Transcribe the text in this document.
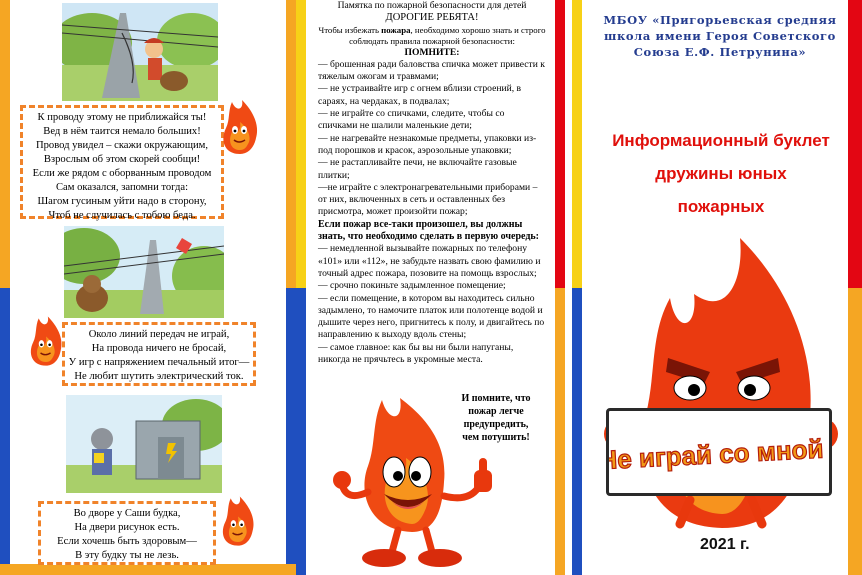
К проводу этому не приближайся ты!
Вед в нём таится немало больших!
Провод увидел – скажи окружающим,
Взрослым об этом скорей сообщи!
Если же рядом с оборванным проводом
Сам оказался, запомни тогда:
Шагом гусиным уйти надо в сторону,
Чтоб не случилась с тобою беда.
Около линий передач не играй,
На провода ничего не бросай,
У игр с напряжением печальный итог—
Не любит шутить электрический ток.
Во дворе у Саши будка,
На двери рисунок есть.
Если хочешь быть здоровым—
В эту будку ты не лезь.

Памятка по пожарной безопасности для детей

ДОРОГИЕ РЕБЯТА!

Чтобы избежать пожара, необходимо хорошо знать и строго соблюдать правила пожарной безопасности:

ПОМНИТЕ:

— брошенная ради баловства спичка может привести к тяжелым ожогам и травмами;

— не устраивайте игр с огнем вблизи строений, в сараях, на чердаках, в подвалах;

— не играйте со спичками, следите, чтобы со спичками не шалили маленькие дети;

— не нагревайте незнакомые предметы, упаковки из-под порошков и красок, аэрозольные упаковки;

— не растапливайте печи, не включайте газовые плитки;

—не играйте с электронагревательными приборами – от них, включенных в сеть и оставленных без присмотра, может произойти пожар;

Если пожар все-таки произошел, вы должны знать, что необходимо сделать в первую очередь:

— немедленной вызывайте пожарных по телефону «101» или «112», не забудьте назвать свою фамилию и точный адрес пожара, позовите на помощь взрослых;

— срочно покиньте задымленное помещение;

— если помещение, в котором вы находитесь сильно задымлено, то намочите платок или полотенце водой и дышите через него, пригнитесь к полу, и двигайтесь по направлению к выходу вдоль стены;

— самое главное: как бы вы ни были напуганы, никогда не прячьтесь в укромные места.

И помните, что
пожар легче
предупредить,
чем потушить!
МБОУ «Пригорьевская средняя
школа имени Героя Советского
Союза Е.Ф. Петрунина»
Информационный буклет
дружины юных
пожарных
Не играй со мной !
2021 г.
